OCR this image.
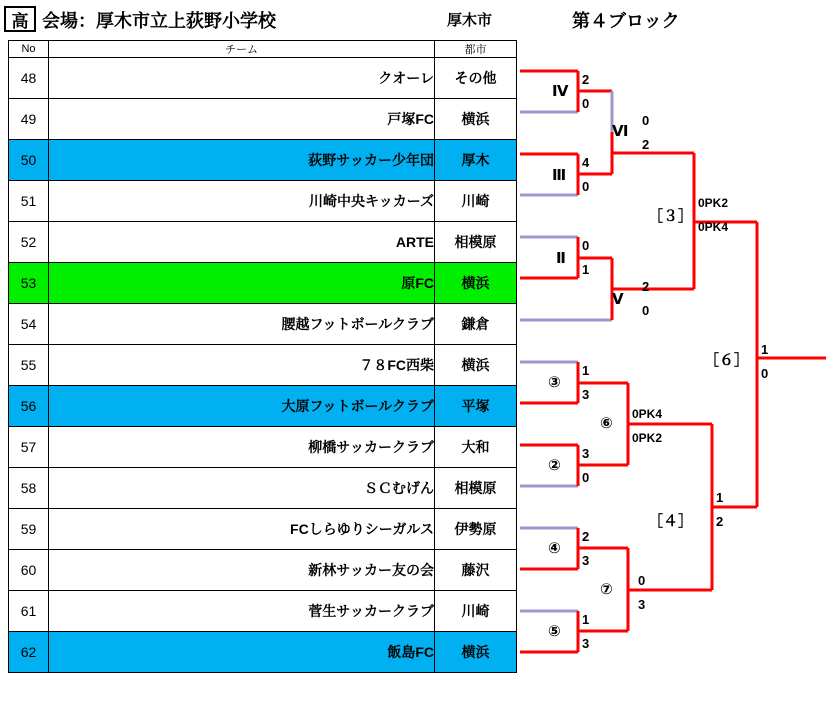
高 会場：厚木市立上荻野小学校	厚木市	第４ブロック
No	チーム	都市
48	クオーレ	その他
49	戸塚FC	横浜
50	荻野サッカー少年団	厚木
51	川崎中央キッカーズ	川崎
52	ARTE	相模原
53	原FC	横浜
54	腰越フットボールクラブ	鎌倉
55	７８FC西柴	横浜
56	大原フットボールクラブ	平塚
57	柳橋サッカークラブ	大和
58	ＳＣむげん	相模原
59	FCしらゆりシーガルス	伊勢原
60	新林サッカー友の会	藤沢
61	菅生サッカークラブ	川崎
62	飯島FC	横浜
Ⅳ
Ⅲ
Ⅵ
Ⅱ
Ⅴ
③
②
⑥
④
⑤
⑦
［３］
［４］
［６］
2
0
4
0
0
2
0
1
2
0
0PK2
0PK4
1
3
3
0
0PK4
0PK2
2
3
1
3
0
3
1
2
1
0
